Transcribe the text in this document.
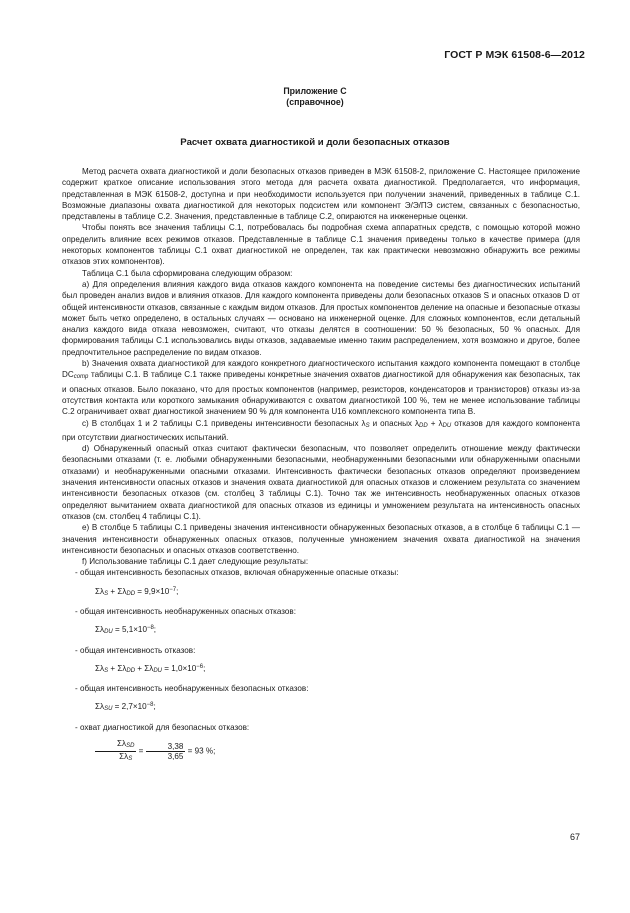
ГОСТ Р МЭК 61508-6—2012
Приложение С
(справочное)
Расчет охвата диагностикой и доли безопасных отказов

Метод расчета охвата диагностикой и доли безопасных отказов приведен в МЭК 61508-2, приложение С. Настоящее приложение содержит краткое описание использования этого метода для расчета охвата диагностикой. Предполагается, что информация, представленная в МЭК 61508-2, доступна и при необходимости используется при получении значений, приведенных в таблице С.1. Возможные диапазоны охвата диагностикой для некоторых подсистем или компонент Э/Э/ПЭ систем, связанных с безопасностью, представлены в таблице С.2. Значения, представленные в таблице С.2, опираются на инженерные оценки.

Чтобы понять все значения таблицы С.1, потребовалась бы подробная схема аппаратных средств, с помощью которой можно определить влияние всех режимов отказов. Представленные в таблице С.1 значения приведены только в качестве примера (для некоторых компонентов таблицы С.1 охват диагностикой не определен, так как практически невозможно обнаружить все режимы отказов этих компонентов).

Таблица С.1 была сформирована следующим образом:

a) Для определения влияния каждого вида отказов каждого компонента на поведение системы без диагностических испытаний был проведен анализ видов и влияния отказов. Для каждого компонента приведены доли безопасных отказов S и опасных отказов D от общей интенсивности отказов, связанные с каждым видом отказов. Для простых компонентов деление на опасные и безопасные отказы может быть четко определено, в остальных случаях — основано на инженерной оценке. Для сложных компонентов, если детальный анализ каждого вида отказа невозможен, считают, что отказы делятся в соотношении: 50 % безопасных, 50 % опасных. Для формирования таблицы С.1 использовались виды отказов, задаваемые именно таким распределением, хотя возможно и другое, более предпочтительное распределение по видам отказов.

b) Значения охвата диагностикой для каждого конкретного диагностического испытания каждого компонента помещают в столбце $DC_{comp}$ таблицы С.1. В таблице С.1 также приведены конкретные значения охватов диагностикой для обнаружения как безопасных, так и опасных отказов. Было показано, что для простых компонентов (например, резисторов, конденсаторов и транзисторов) отказы из-за отсутствия контакта или короткого замыкания обнаруживаются с охватом диагностикой 100 %, тем не менее использование таблицы С.2 ограничивает охват диагностикой значением 90 % для компонента U16 комплексного компонента типа В.

c) В столбцах 1 и 2 таблицы С.1 приведены интенсивности безопасных $\lambda_S$ и опасных $\lambda_{DD} + \lambda_{DU}$ отказов для каждого компонента при отсутствии диагностических испытаний.

d) Обнаруженный опасный отказ считают фактически безопасным, что позволяет определить отношение между фактически безопасными отказами (т. е. любыми обнаруженными безопасными, необнаруженными безопасными или обнаруженными опасными отказами) и необнаруженными опасными отказами. Интенсивность фактически безопасных отказов определяют произведением значения интенсивности опасных отказов и значения охвата диагностикой для опасных отказов и сложением результата со значением интенсивности безопасных отказов (см. столбец 3 таблицы С.1). Точно так же интенсивность необнаруженных опасных отказов определяют вычитанием охвата диагностикой для опасных отказов из единицы и умножением результата на интенсивность опасных отказов (см. столбец 4 таблицы С.1).

e) В столбце 5 таблицы С.1 приведены значения интенсивности обнаруженных безопасных отказов, а в столбце 6 таблицы С.1 — значения интенсивности обнаруженных опасных отказов, полученные умножением значения охвата диагностикой на значения интенсивности безопасных и опасных отказов соответственно.

f) Использование таблицы С.1 дает следующие результаты:

- общая интенсивность безопасных отказов, включая обнаруженные опасные отказы:

$\Sigma\lambda_S + \Sigma\lambda_{DD} = 9,9\times 10^{-7}$;

- общая интенсивность необнаруженных опасных отказов:

$\Sigma\lambda_{DU} = 5,1\times 10^{-8}$;

- общая интенсивность отказов:

$\Sigma\lambda_S + \Sigma\lambda_{DD} + \Sigma\lambda_{DU} = 1,0\times 10^{-6}$;

- общая интенсивность необнаруженных безопасных отказов:

$\Sigma\lambda_{SU} = 2,7\times 10^{-8}$;

- охват диагностикой для безопасных отказов:

$\frac{\Sigma\lambda_{SD}}{\Sigma\lambda_S} = \frac{3,38}{3,65} = 93$ %;

67
